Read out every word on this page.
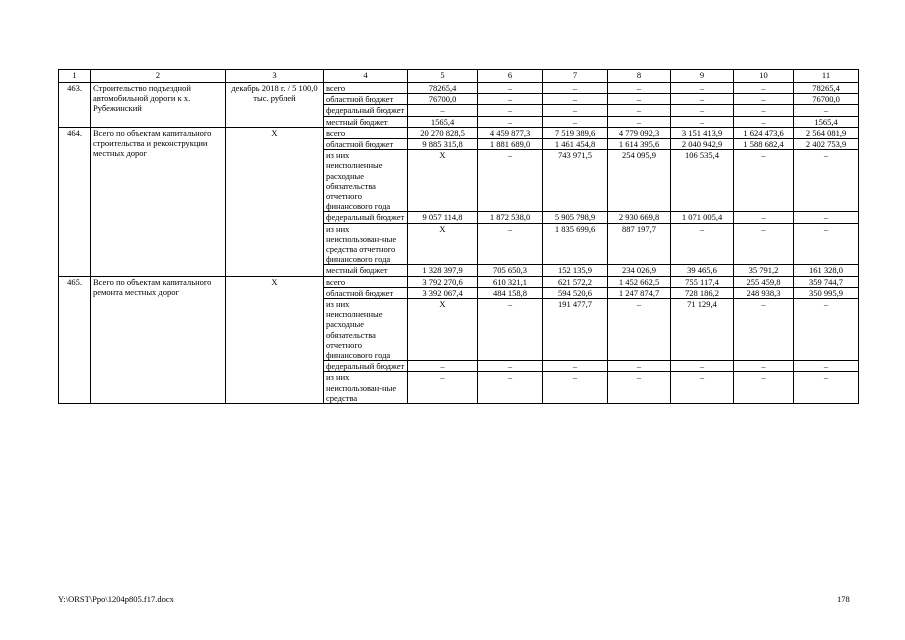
1	2	3	4	5	6	7	8	9	10	11
463.	Строительство подъездной автомобильной дороги к х. Рубежинский	декабрь 2018 г. / 5 100,0 тыс. рублей	всего	78265,4	–	–	–	–	–	78265,4
			областной бюджет	76700,0	–	–	–	–	–	76700,0
			федеральный бюджет	–	–	–	–	–	–	–
			местный бюджет	1565,4	–	–	–	–	–	1565,4
464.	Всего по объектам капитального строительства и реконструкции местных дорог	Х	всего	20 270 828,5	4 459 877,3	7 519 389,6	4 779 092,3	3 151 413,9	1 624 473,6	2 564 081,9
			областной бюджет	9 885 315,8	1 881 689,0	1 461 454,8	1 614 395,6	2 040 942,9	1 588 682,4	2 402 753,9
			из них неисполненные расходные обязательства отчетного финансового года	Х	–	743 971,5	254 095,9	106 535,4	–	–
			федеральный бюджет	9 057 114,8	1 872 538,0	5 905 798,9	2 930 669,8	1 071 005,4	–	–
			из них неиспользован-ные средства отчетного финансового года	Х	–	1 835 699,6	887 197,7	–	–	–
			местный бюджет	1 328 397,9	705 650,3	152 135,9	234 026,9	39 465,6	35 791,2	161 328,0
465.	Всего по объектам капитального ремонта местных дорог	Х	всего	3 792 270,6	610 321,1	621 572,2	1 452 662,5	755 117,4	255 459,8	359 744,7
			областной бюджет	3 392 067,4	484 158,8	594 520,6	1 247 874,7	728 186,2	248 938,3	350 995,9
			из них неисполненные расходные обязательства отчетного финансового года	Х	–	191 477,7	–	71 129,4	–	–
			федеральный бюджет	–	–	–	–	–	–	–
			из них неиспользован-ные средства	–	–	–	–	–	–	–
Y:\ORST\Ppo\1204p805.f17.docx	178
